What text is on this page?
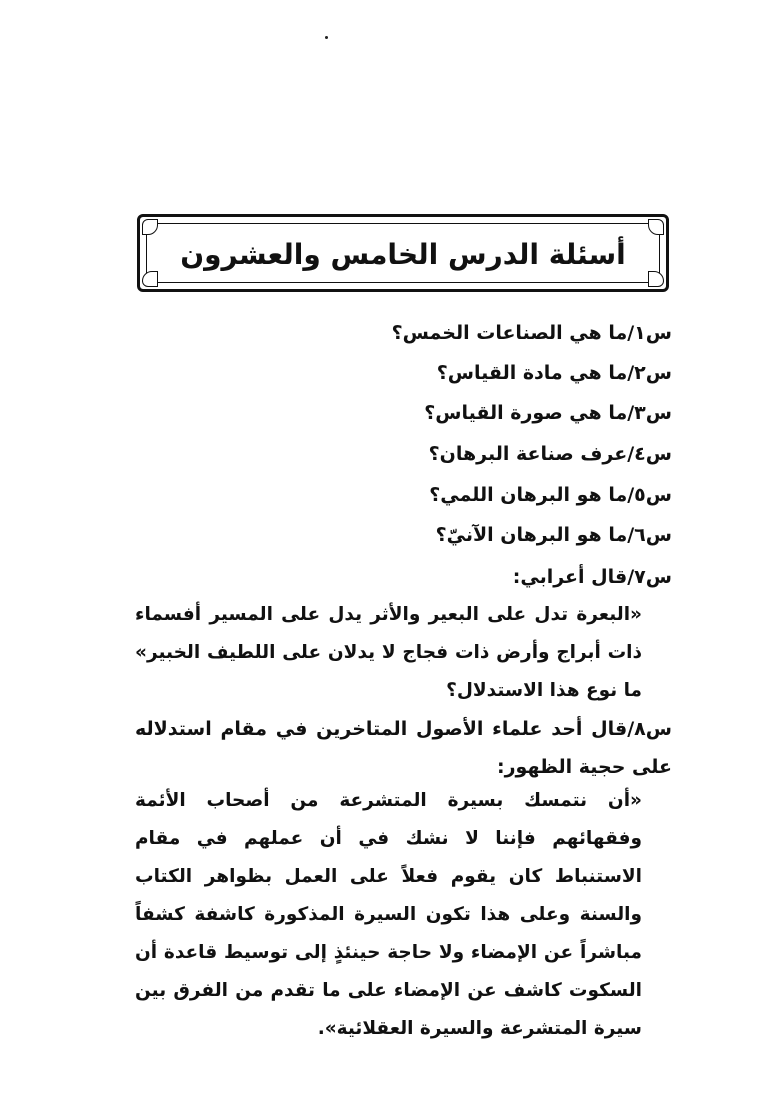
أسئلة الدرس الخامس والعشرون
س١/ما هي الصناعات الخمس؟
س٢/ما هي مادة القياس؟
س٣/ما هي صورة القياس؟
س٤/عرف صناعة البرهان؟
س٥/ما هو البرهان اللمي؟
س٦/ما هو البرهان الآنيّ؟
س٧/قال أعرابي:
«البعرة تدل على البعير والأثر يدل على المسير أفسماء ذات أبراج وأرض ذات فجاج لا يدلان على اللطيف الخبير» ما نوع هذا الاستدلال؟
س٨/قال أحد علماء الأصول المتاخرين في مقام استدلاله على حجية الظهور:
«أن نتمسك بسيرة المتشرعة من أصحاب الأئمة وفقهائهم فإننا لا نشك في أن عملهم في مقام الاستنباط كان يقوم فعلاً على العمل بظواهر الكتاب والسنة وعلى هذا تكون السيرة المذكورة كاشفة كشفاً مباشراً عن الإمضاء ولا حاجة حينئذٍ إلى توسيط قاعدة أن السكوت كاشف عن الإمضاء على ما تقدم من الفرق بين سيرة المتشرعة والسيرة العقلائية».
